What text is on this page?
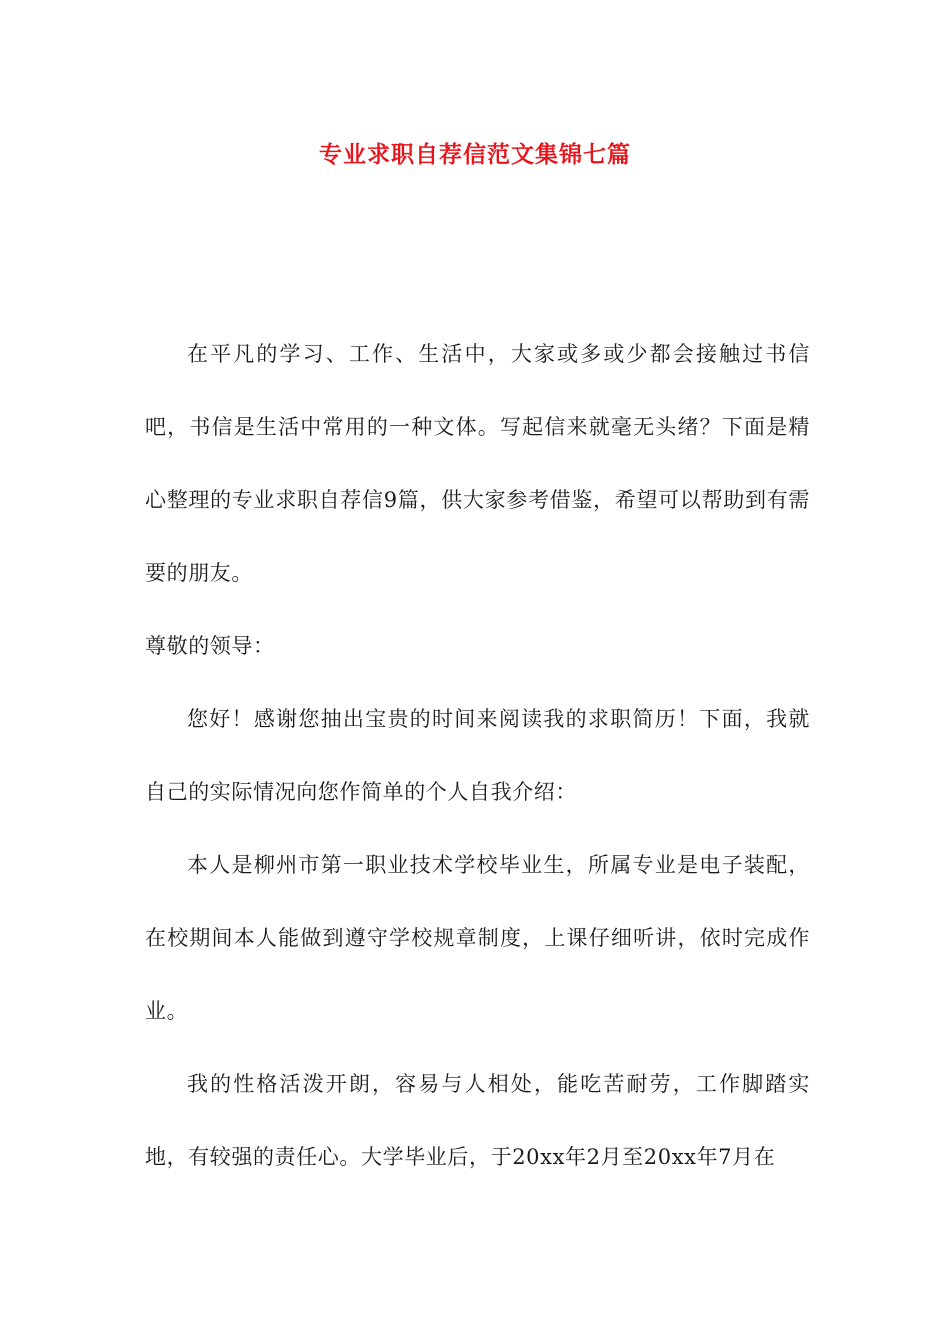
专业求职自荐信范文集锦七篇

在平凡的学习、工作、生活中，大家或多或少都会接触过书信吧，书信是生活中常用的一种文体。写起信来就毫无头绪？下面是精心整理的专业求职自荐信9篇，供大家参考借鉴，希望可以帮助到有需要的朋友。

尊敬的领导：

您好！感谢您抽出宝贵的时间来阅读我的求职简历！下面，我就自己的实际情况向您作简单的个人自我介绍：

本人是柳州市第一职业技术学校毕业生，所属专业是电子装配，在校期间本人能做到遵守学校规章制度，上课仔细听讲，依时完成作业。

我的性格活泼开朗，容易与人相处，能吃苦耐劳，工作脚踏实地，有较强的责任心。大学毕业后，于20xx年2月至20xx年7月在
